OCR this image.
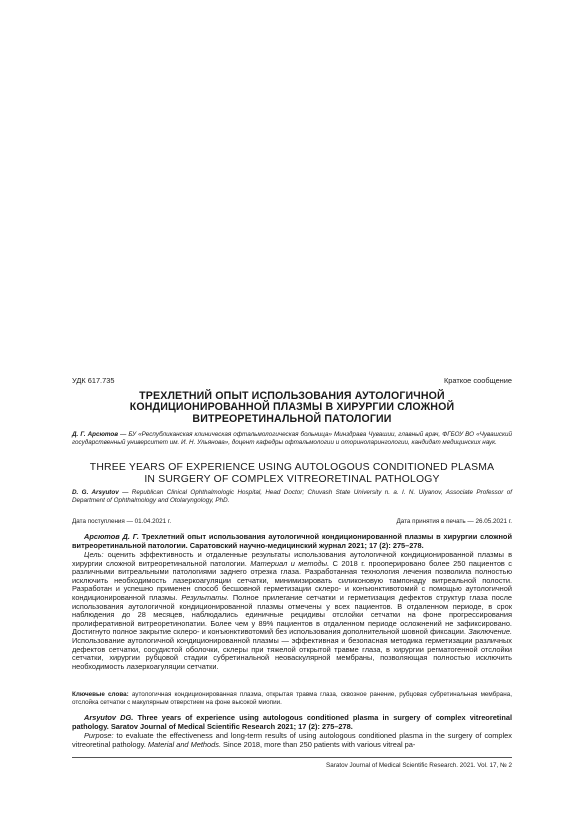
УДК 617.735	Краткое сообщение
ТРЕХЛЕТНИЙ ОПЫТ ИСПОЛЬЗОВАНИЯ АУТОЛОГИЧНОЙ
КОНДИЦИОНИРОВАННОЙ ПЛАЗМЫ В ХИРУРГИИ СЛОЖНОЙ
ВИТРЕОРЕТИНАЛЬНОЙ ПАТОЛОГИИ
Д. Г. Арсютов — БУ «Республиканская клиническая офтальмологическая больница» Минздрава Чувашии, главный врач, ФГБОУ ВО «Чувашский государственный университет им. И. Н. Ульянова», доцент кафедры офтальмологии и оториноларингологии, кандидат медицинских наук.
THREE YEARS OF EXPERIENCE USING AUTOLOGOUS CONDITIONED PLASMA
IN SURGERY OF COMPLEX VITREORETINAL PATHOLOGY
D. G. Arsyutov — Republican Clinical Ophthalmologic Hospital, Head Doctor; Chuvash State University n. a. I. N. Ulyanov, Associate Professor of Department of Ophthalmology and Otolaryngology, PhD.
Дата поступления — 01.04.2021 г.	Дата принятия в печать — 26.05.2021 г.
Арсютов Д. Г. Трехлетний опыт использования аутологичной кондиционированной плазмы в хирургии сложной витреоретинальной патологии. Саратовский научно-медицинский журнал 2021; 17 (2): 275–278.
Цель: оценить эффективность и отдаленные результаты использования аутологичной кондиционированной плазмы в хирургии сложной витреоретинальной патологии. Материал и методы. С 2018 г. прооперировано более 250 пациентов с различными витреальными патологиями заднего отрезка глаза. Разработанная технология лечения позволила полностью исключить необходимость лазеркоагуляции сетчатки, минимизировать силиконовую тампонаду витреальной полости. Разработан и успешно применен способ бесшовной герметизации склеро- и конъюнктивотомий с помощью аутологичной кондиционированной плазмы. Результаты. Полное прилегание сетчатки и герметизация дефектов структур глаза после использования аутологичной кондиционированной плазмы отмечены у всех пациентов. В отдаленном периоде, в срок наблюдения до 28 месяцев, наблюдались единичные рецидивы отслойки сетчатки на фоне прогрессирования пролиферативной витреоретинопатии. Более чем у 89% пациентов в отдаленном периоде осложнений не зафиксировано. Достигнуто полное закрытие склеро- и конъюнктивотомий без использования дополнительной шовной фиксации. Заключение. Использование аутологичной кондиционированной плазмы — эффективная и безопасная методика герметизации различных дефектов сетчатки, сосудистой оболочки, склеры при тяжелой открытой травме глаза, в хирургии регматогенной отслойки сетчатки, хирургии рубцовой стадии субретинальной неоваскулярной мембраны, позволяющая полностью исключить необходимость лазеркоагуляции сетчатки.
Ключевые слова: аутологичная кондиционированная плазма, открытая травма глаза, сквозное ранение, рубцовая субретинальная мембрана, отслойка сетчатки с макулярным отверстием на фоне высокой миопии.
Arsyutov DG. Three years of experience using autologous conditioned plasma in surgery of complex vitreoretinal pathology. Saratov Journal of Medical Scientific Research 2021; 17 (2): 275–278.
Purpose: to evaluate the effectiveness and long-term results of using autologous conditioned plasma in the surgery of complex vitreoretinal pathology. Material and Methods. Since 2018, more than 250 patients with various vitreal pa-
Saratov Journal of Medical Scientific Research. 2021. Vol. 17, № 2
